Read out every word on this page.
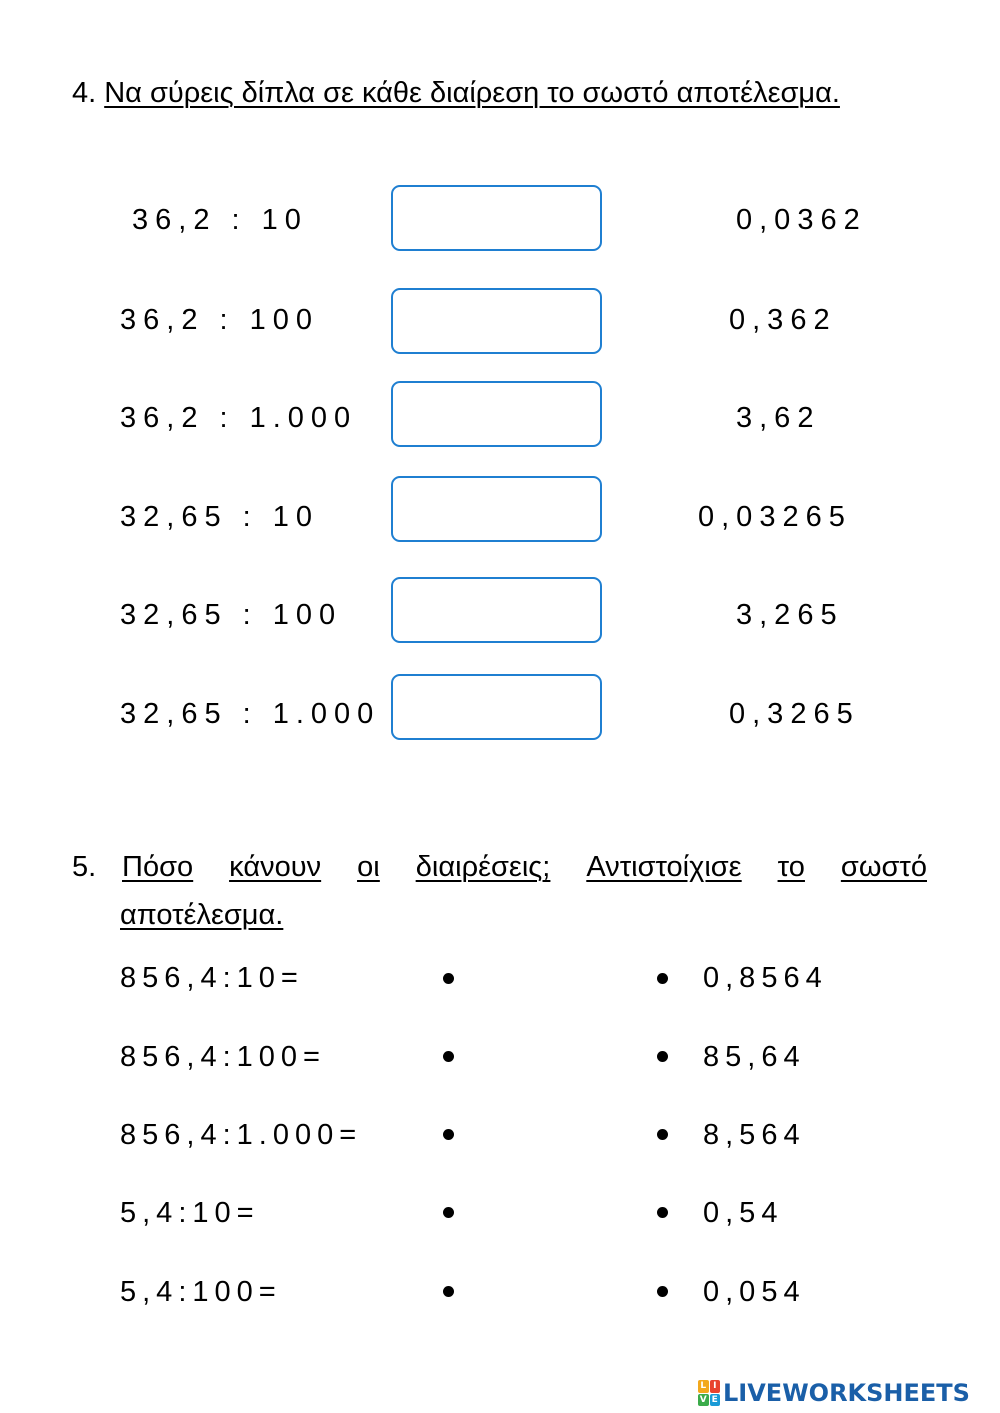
4. Να σύρεις δίπλα σε κάθε διαίρεση το σωστό αποτέλεσμα.
36,2 : 10	0,0362
36,2 : 100	0,362
36,2 : 1.000	3,62
32,65 : 10	0,03265
32,65 : 100	3,265
32,65 : 1.000	0,3265
5. Πόσο κάνουν οι διαιρέσεις; Αντιστοίχισε το σωστό
αποτέλεσμα.
856,4:10=	0,8564
856,4:100=	85,64
856,4:1.000=	8,564
5,4:10=	0,54
5,4:100=	0,054
L I
V E LIVEWORKSHEETS
